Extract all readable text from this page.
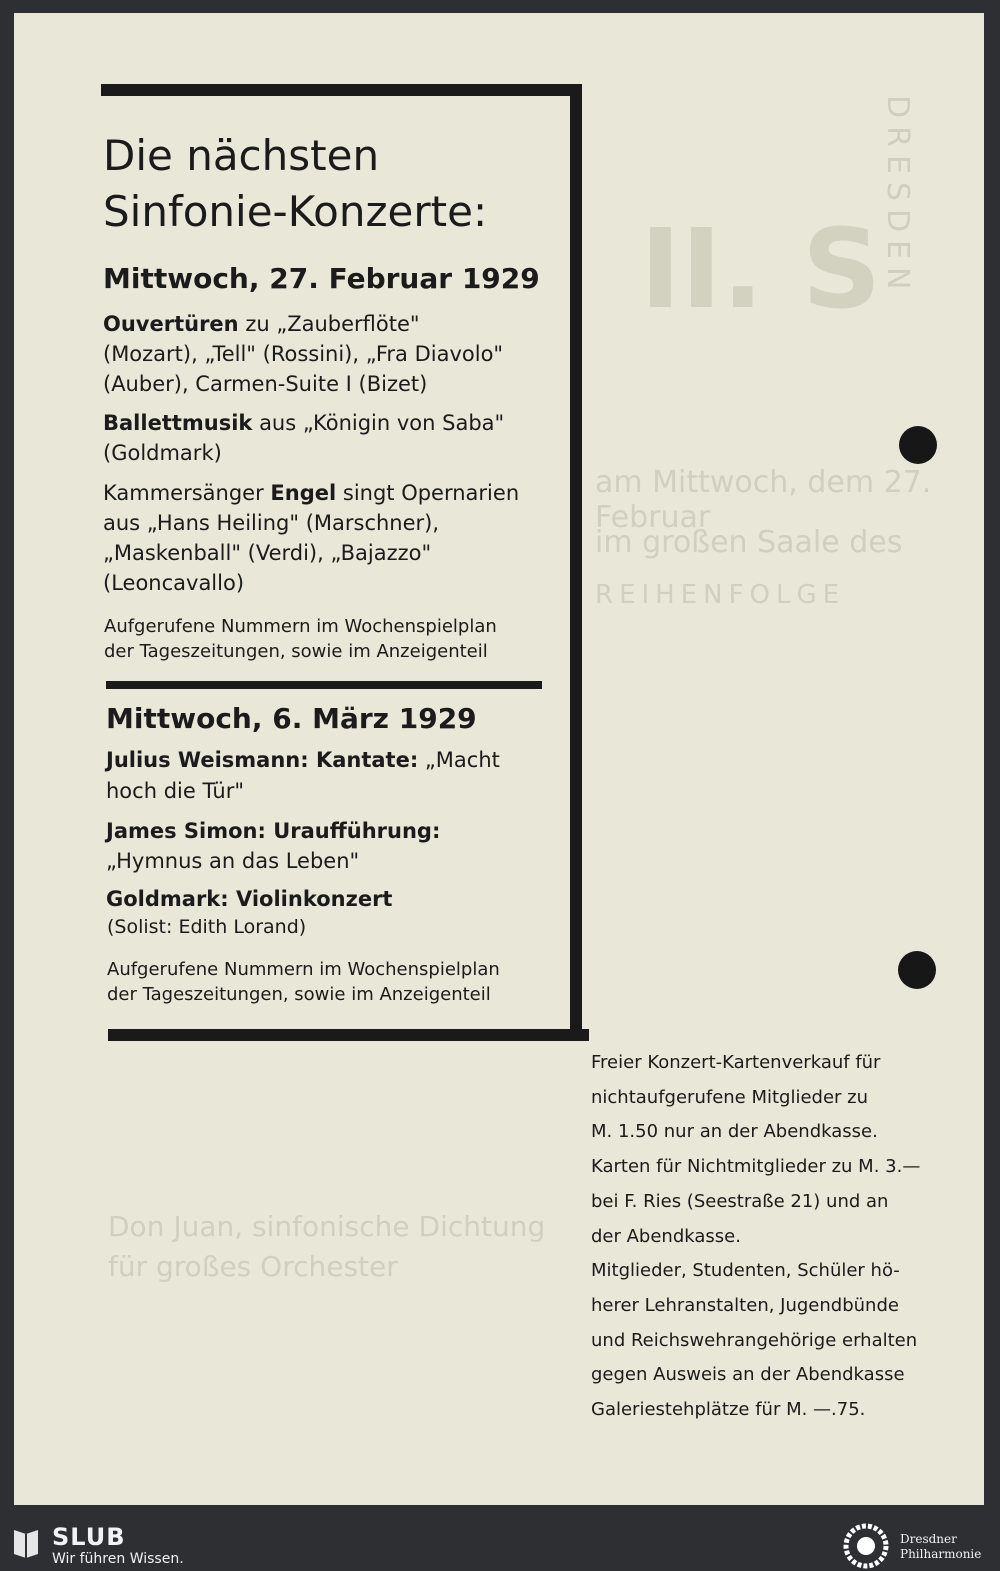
II. S
DRESDEN
am Mittwoch, dem 27. Februar
im großen Saale des
REIHENFOLGE
Don Juan, sinfonische Dichtung
für großes Orchester
Die nächsten
Sinfonie-Konzerte:
Mittwoch, 27. Februar 1929
Ouvertüren zu „Zauberflöte"
(Mozart), „Tell" (Rossini), „Fra Diavolo"
(Auber), Carmen-Suite I (Bizet)
Ballettmusik aus „Königin von Saba"
(Goldmark)
Kammersänger Engel singt Opernarien
aus „Hans Heiling" (Marschner),
„Maskenball" (Verdi), „Bajazzo"
(Leoncavallo)
Aufgerufene Nummern im Wochenspielplan
der Tageszeitungen, sowie im Anzeigenteil
Mittwoch, 6. März 1929
Julius Weismann: Kantate: „Macht
hoch die Tür"
James Simon: Uraufführung:
„Hymnus an das Leben"
Goldmark: Violinkonzert
(Solist: Edith Lorand)
Aufgerufene Nummern im Wochenspielplan
der Tageszeitungen, sowie im Anzeigenteil
Freier Konzert-Kartenverkauf für
nichtaufgerufene Mitglieder zu
M. 1.50 nur an der Abendkasse.
Karten für Nichtmitglieder zu M. 3.—
bei F. Ries (Seestraße 21) und an
der Abendkasse.
Mitglieder, Studenten, Schüler hö-
herer Lehranstalten, Jugendbünde
und Reichswehrangehörige erhalten
gegen Ausweis an der Abendkasse
Galeriestehplätze für M. —.75.
SLUB
Wir führen Wissen.
Dresdner
Philharmonie
